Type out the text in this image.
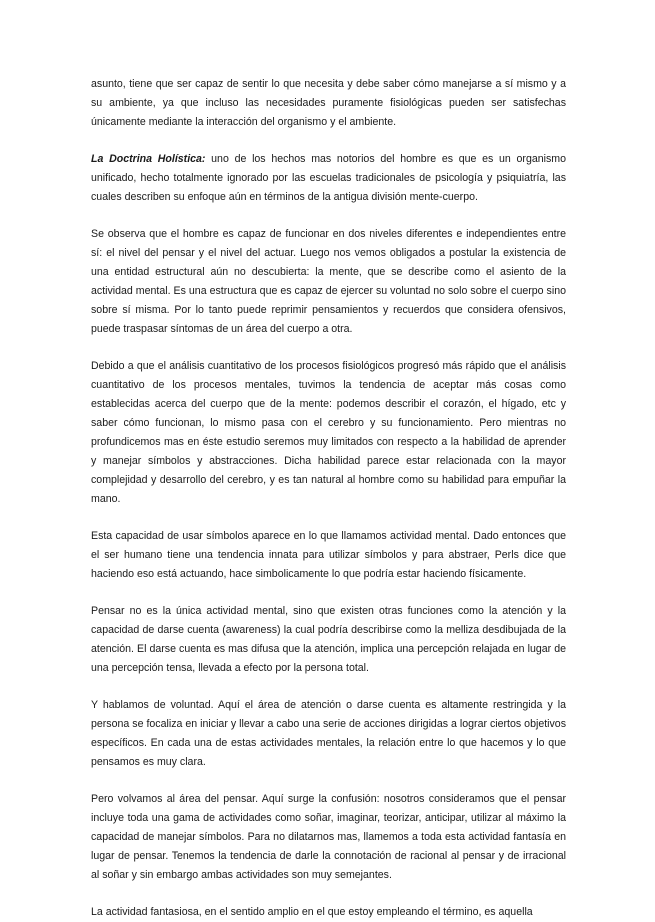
asunto, tiene que ser capaz de sentir lo que necesita y debe saber cómo manejarse a sí mismo y a su ambiente, ya que incluso las necesidades puramente fisiológicas pueden ser satisfechas únicamente mediante la interacción del organismo y el ambiente.

La Doctrina Holística: uno de los hechos mas notorios del hombre es que es un organismo unificado, hecho totalmente ignorado por las escuelas tradicionales de psicología y psiquiatría, las cuales describen su enfoque aún en términos de la antigua división mente-cuerpo.

Se observa que el hombre es capaz de funcionar en dos niveles diferentes e independientes entre sí: el nivel del pensar y el nivel del actuar. Luego nos vemos obligados a postular la existencia de una entidad estructural aún no descubierta: la mente, que se describe como el asiento de la actividad mental. Es una estructura que es capaz de ejercer su voluntad no solo sobre el cuerpo sino sobre sí misma. Por lo tanto puede reprimir pensamientos y recuerdos que considera ofensivos, puede traspasar síntomas de un área del cuerpo a otra.

Debido a que el análisis cuantitativo de los procesos fisiológicos progresó más rápido que el análisis cuantitativo de los procesos mentales, tuvimos la tendencia de aceptar más cosas como establecidas acerca del cuerpo que de la mente: podemos describir el corazón, el hígado, etc y saber cómo funcionan, lo mismo pasa con el cerebro y su funcionamiento. Pero mientras no profundicemos mas en éste estudio seremos muy limitados con respecto a la habilidad de aprender y manejar símbolos y abstracciones. Dicha habilidad parece estar relacionada con la mayor complejidad y desarrollo del cerebro, y es tan natural al hombre como su habilidad para empuñar la mano.

Esta capacidad de usar símbolos aparece en lo que llamamos actividad mental. Dado entonces que el ser humano tiene una tendencia innata para utilizar símbolos y para abstraer, Perls dice que haciendo eso está actuando, hace simbolicamente lo que podría estar haciendo físicamente.

Pensar no es la única actividad mental, sino que existen otras funciones como la atención y la capacidad de darse cuenta (awareness) la cual podría describirse como la melliza desdibujada de la atención. El darse cuenta es mas difusa que la atención, implica una percepción relajada en lugar de una percepción tensa, llevada a efecto por la persona total.

Y hablamos de voluntad. Aquí el área de atención o darse cuenta es altamente restringida y la persona se focaliza en iniciar y llevar a cabo una serie de acciones dirigidas a lograr ciertos objetivos específicos. En cada una de estas actividades mentales, la relación entre lo que hacemos y lo que pensamos es muy clara.

Pero volvamos al área del pensar. Aquí surge la confusión: nosotros consideramos que el pensar incluye toda una gama de actividades como soñar, imaginar, teorizar, anticipar, utilizar al máximo la capacidad de manejar símbolos. Para no dilatarnos mas, llamemos a toda esta actividad fantasía en lugar de pensar. Tenemos la tendencia de darle la connotación de racional al pensar y de irracional al soñar y sin embargo ambas actividades son muy semejantes.

La actividad fantasiosa, en el sentido amplio en el que estoy empleando el término, es aquella
